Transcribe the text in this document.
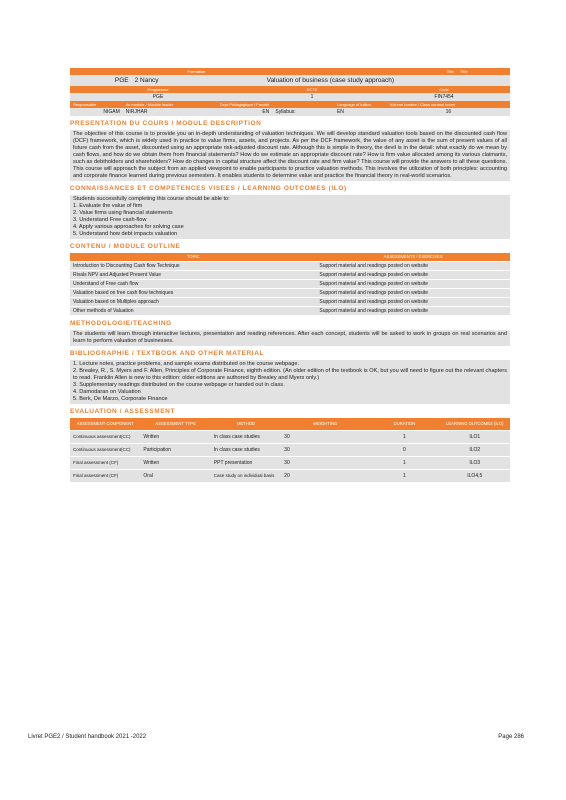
	Formation		Title	Title
PGE	2 Nancy	Valuation of business (case study approach)
Programme	ECTS	Code
PGE	1	FIN7454
Responsable	du module / Module leader	Dept Pédagogique / Faculté		Language of tuition	Volume horaire / Class contact hours
NIGAM	NIRJHAR	EN	Syllabus:	EN	16
PRESENTATION DU COURS / MODULE DESCRIPTION

The objective of this course is to provide you an in-depth understanding of valuation techniques. We will develop standard valuation tools based on the discounted cash flow (DCF) framework, which is widely used in practice to value firms, assets, and projects. As per the DCF framework, the value of any asset is the sum of present values of all future cash from the asset, discounted using an appropriate risk-adjusted discount rate. Although this is simple in theory, the devil is in the detail: what exactly do we mean by cash flows, and how do we obtain them from financial statements? How do we estimate an appropriate discount rate? How is firm value allocated among its various claimants, such as debtholders and shareholders? How do changes in capital structure affect the discount rate and firm value? This course will provide the answers to all these questions. This course will approach the subject from an applied viewpoint to enable participants to practice valuation methods. This involves the utilization of both principles: accounting and corporate finance learned during previous semesters. It enables students to determine value and practice the financial theory in real-world scenarios.

CONNAISSANCES ET COMPETENCES VISEES / LEARNING OUTCOMES (ILO)
Students successfully completing this course should be able to:
1. Evaluate the value of firm
2. Value firms using financial statements
3. Understand Free cash-flow
4. Apply various approaches for solving case
5. Understand how debt impacts valuation
CONTENU / MODULE OUTLINE
TOPIC	ASSESSMENTS / EXERCISES
Introduction to Discounting Cash flow Technique	Support material and readings posted on website
Rivals NPV and Adjusted Present Value	Support material and readings posted on website
Understand of Free cash flow	Support material and readings posted on website
Valuation based on free cash flow techniques	Support material and readings posted on website
Valuation based on Multiples approach	Support material and readings posted on website
Other methods of Valuation	Support material and readings posted on website
METHODOLOGIE/TEACHING

The students will learn through interactive lectures, presentation and reading references. After each concept, students will be asked to work in groups on real scenarios and learn to perform valuation of businesses.

BIBLIOGRAPHIE / TEXTBOOK AND OTHER MATERIAL

1. Lecture notes, practice problems, and sample exams distributed on the course webpage.

2. Brealey, R., S. Myers and F. Allen, Principles of Corporate Finance, eighth edition. (An older edition of the textbook is OK, but you will need to figure out the relevant chapters to read. Franklin Allen is new to this edition: older editions are authored by Brealey and Myers only.)

3. Supplementary readings distributed on the course webpage or handed out in class.

4. Damodaran on Valuation

5. Berk, De Marzo, Corporate Finance

EVALUATION / ASSESSMENT
ASSESSMENT COMPONENT	ASSESSMENT TYPE	METHOD	WEIGHTING	DURATION	LEARNING OUTCOMES (ILO)
Continuous assessment(CC)	Written	In class case studies	30	1	ILO1
Continuous assessment(CC)	Participation	In class case studies	30	0	ILO2
Final assessment (CF)	Written	PPT presentation	30	1	ILO3
Final assessment (CF)	Oral	Case study on individual basis	20	1	ILO4,5
Livret PGE2 / Student handbook 2021 -2022	Page 286
